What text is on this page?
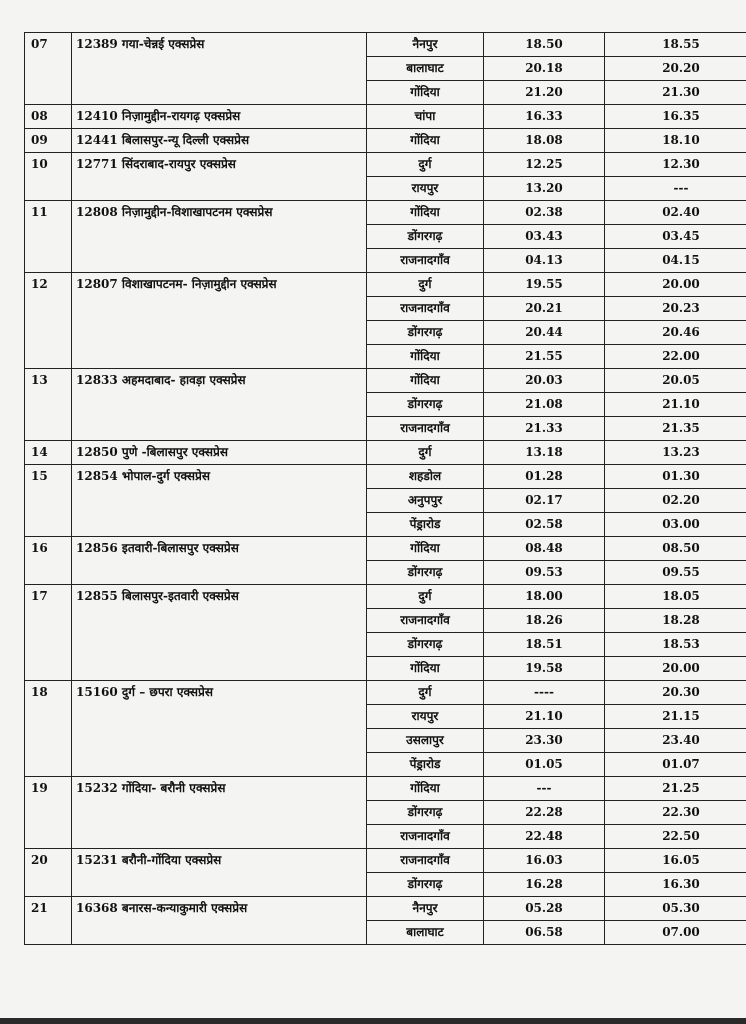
07	12389 गया-चेन्नई एक्सप्रेस	नैनपुर	18.50	18.55
		बालाघाट	20.18	20.20
		गोंदिया	21.20	21.30
08	12410 निज़ामुद्दीन-रायगढ़ एक्सप्रेस	चांपा	16.33	16.35
09	12441 बिलासपुर-न्यू दिल्ली एक्सप्रेस	गोंदिया	18.08	18.10
10	12771 सिंदराबाद-रायपुर एक्सप्रेस	दुर्ग	12.25	12.30
		रायपुर	13.20	---
11	12808 निज़ामुद्दीन-विशाखापटनम एक्सप्रेस	गोंदिया	02.38	02.40
		डोंगरगढ़	03.43	03.45
		राजनादगाँव	04.13	04.15
12	12807 विशाखापटनम- निज़ामुद्दीन एक्सप्रेस	दुर्ग	19.55	20.00
		राजनादगाँव	20.21	20.23
		डोंगरगढ़	20.44	20.46
		गोंदिया	21.55	22.00
13	12833 अहमदाबाद- हावड़ा एक्सप्रेस	गोंदिया	20.03	20.05
		डोंगरगढ़	21.08	21.10
		राजनादगाँव	21.33	21.35
14	12850 पुणे -बिलासपुर एक्सप्रेस	दुर्ग	13.18	13.23
15	12854 भोपाल-दुर्ग एक्सप्रेस	शहडोल	01.28	01.30
		अनुपपुर	02.17	02.20
		पेंड्रारोड	02.58	03.00
16	12856 इतवारी-बिलासपुर एक्सप्रेस	गोंदिया	08.48	08.50
		डोंगरगढ़	09.53	09.55
17	12855 बिलासपुर-इतवारी एक्सप्रेस	दुर्ग	18.00	18.05
		राजनादगाँव	18.26	18.28
		डोंगरगढ़	18.51	18.53
		गोंदिया	19.58	20.00
18	15160 दुर्ग – छपरा एक्सप्रेस	दुर्ग	----	20.30
		रायपुर	21.10	21.15
		उसलापुर	23.30	23.40
		पेंड्रारोड	01.05	01.07
19	15232 गोंदिया- बरौनी एक्सप्रेस	गोंदिया	---	21.25
		डोंगरगढ़	22.28	22.30
		राजनादगाँव	22.48	22.50
20	15231 बरौनी-गोंदिया एक्सप्रेस	राजनादगाँव	16.03	16.05
		डोंगरगढ़	16.28	16.30
21	16368 बनारस-कन्याकुमारी एक्सप्रेस	नैनपुर	05.28	05.30
		बालाघाट	06.58	07.00
